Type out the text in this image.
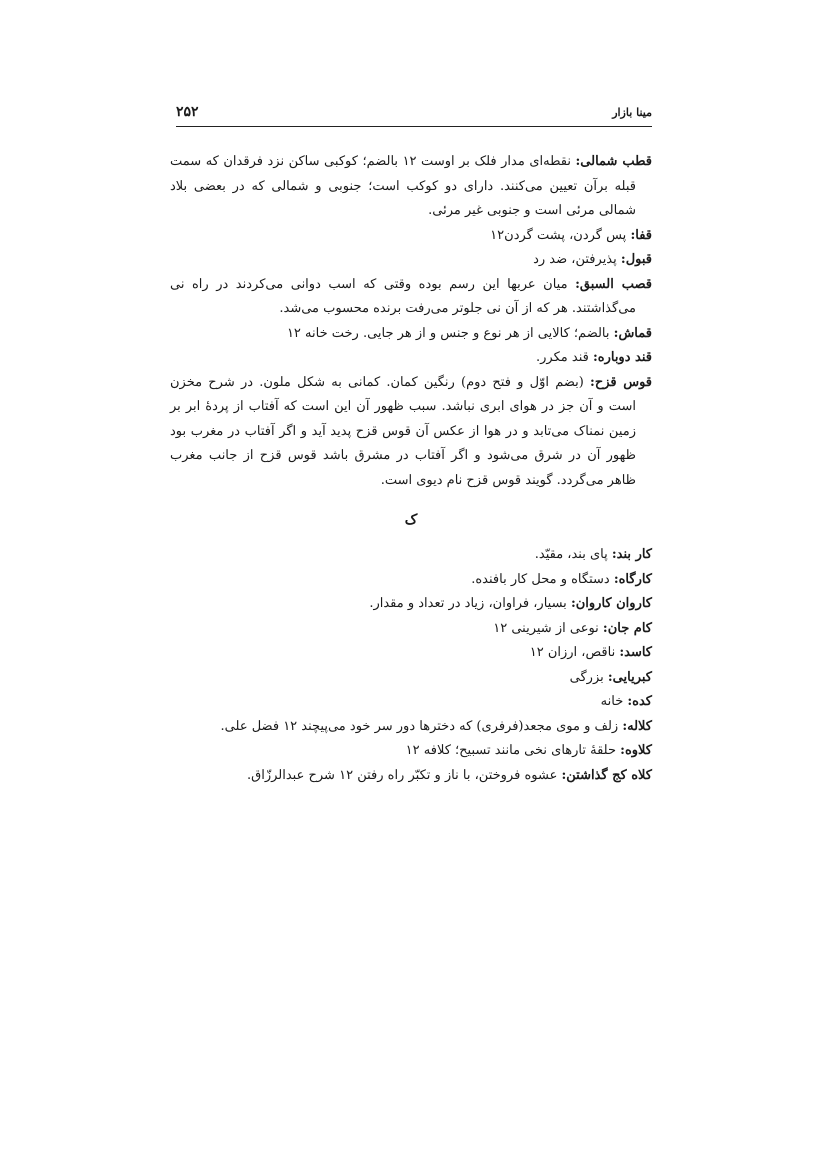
۲۵۲	مینا بازار

قطب شمالی: نقطه‌ای مدار فلک بر اوست ۱۲ بالضم؛ کوکبی ساکن نزد فرقدان که سمت قبله برآن تعیین می‌کنند. دارای دو کوکب است؛ جنوبی و شمالی که در بعضی بلاد شمالی مرئی است و جنوبی غیر مرئی.

قفا: پس گردن، پشت گردن۱۲

قبول: پذیرفتن، ضد رد

قصب السبق: میان عربها این رسم بوده وقتی که اسب دوانی می‌کردند در راه نی می‌گذاشتند. هر که از آن نی جلوتر می‌رفت برنده محسوب می‌شد.

قماش: بالضم؛ کالایی از هر نوع و جنس و از هر جایی. رخت خانه ۱۲

قند دوباره: قند مکرر.

قوس قزح: (بضم اوّل و فتح دوم) رنگین کمان. کمانی به شکل ملون. در شرح مخزن است و آن جز در هوای ابری نباشد. سبب ظهور آن این است که آفتاب از پردهٔ ابر بر زمین نمناک می‌تابد و در هوا از عکس آن قوس قزح پدید آید و اگر آفتاب در مغرب بود ظهور آن در شرق می‌شود و اگر آفتاب در مشرق باشد قوس قزح از جانب مغرب ظاهر می‌گردد. گویند قوس قزح نام دیوی است.

ک

کار بند: پای بند، مقیّد.

کارگاه: دستگاه و محل کار بافنده.

کاروان کاروان: بسیار، فراوان، زیاد در تعداد و مقدار.

کام جان: نوعی از شیرینی ۱۲

کاسد: ناقص، ارزان ۱۲

کبریایی: بزرگی

کده: خانه

کلاله: زلف و موی مجعد(فرفری) که دخترها دور سر خود می‌پیچند ۱۲ فضل علی.

کلاوه: حلقهٔ تارهای نخی مانند تسبیح؛ کلافه ۱۲

کلاه کج گذاشتن: عشوه فروختن، با ناز و تکبّر راه رفتن ۱۲ شرح عبدالرزّاق.
